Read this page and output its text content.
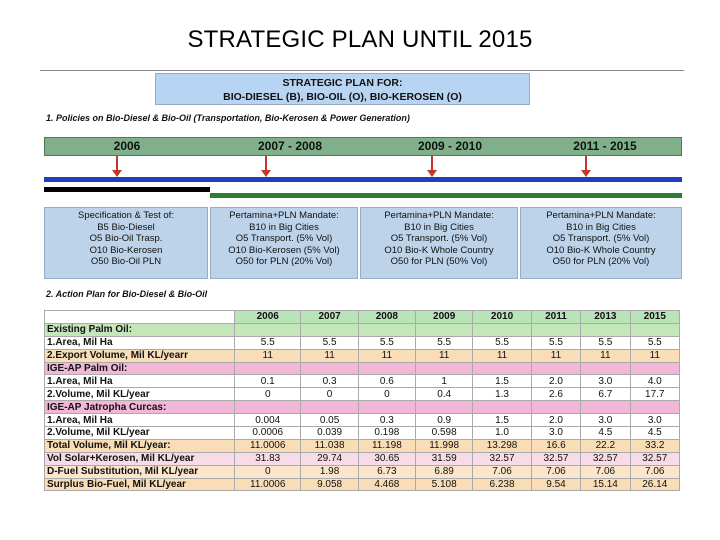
STRATEGIC PLAN UNTIL 2015
STRATEGIC PLAN FOR:
BIO-DIESEL (B), BIO-OIL (O), BIO-KEROSEN (O)
1. Policies on Bio-Diesel & Bio-Oil (Transportation, Bio-Kerosen & Power Generation)
2006	2007 - 2008	2009 - 2010	2011 - 2015
Specification & Test of:
B5 Bio-Diesel
O5 Bio-Oil Trasp.
O10 Bio-Kerosen
O50 Bio-Oil PLN
Pertamina+PLN Mandate:
B10 in Big Cities
O5 Transport. (5% Vol)
O10 Bio-Kerosen (5% Vol)
O50 for PLN (20% Vol)
Pertamina+PLN Mandate:
B10 in Big Cities
O5 Transport. (5% Vol)
O10 Bio-K Whole Country
O50 for PLN (50% Vol)
Pertamina+PLN Mandate:
B10 in Big Cities
O5 Transport. (5% Vol)
O10 Bio-K Whole Country
O50 for PLN (20% Vol)
2. Action Plan for Bio-Diesel & Bio-Oil
	2006	2007	2008	2009	2010	2011	2013	2015
Existing Palm Oil:								
1.Area, Mil Ha	5.5	5.5	5.5	5.5	5.5	5.5	5.5	5.5
2.Export Volume, Mil KL/yearr	11	11	11	11	11	11	11	11
IGE-AP Palm Oil:								
1.Area, Mil Ha	0.1	0.3	0.6	1	1.5	2.0	3.0	4.0
2.Volume, Mil KL/year	0	0	0	0.4	1.3	2.6	6.7	17.7
IGE-AP Jatropha Curcas:								
1.Area, Mil Ha	0.004	0.05	0.3	0.9	1.5	2.0	3.0	3.0
2.Volume, Mil KL/year	0.0006	0.039	0.198	0.598	1.0	3.0	4.5	4.5
Total Volume, Mil KL/year:	11.0006	11.038	11.198	11.998	13.298	16.6	22.2	33.2
Vol Solar+Kerosen, Mil KL/year	31.83	29.74	30.65	31.59	32.57	32.57	32.57	32.57
D-Fuel Substitution, Mil KL/year	0	1.98	6.73	6.89	7.06	7.06	7.06	7.06
Surplus Bio-Fuel, Mil KL/year	11.0006	9.058	4.468	5.108	6.238	9.54	15.14	26.14
